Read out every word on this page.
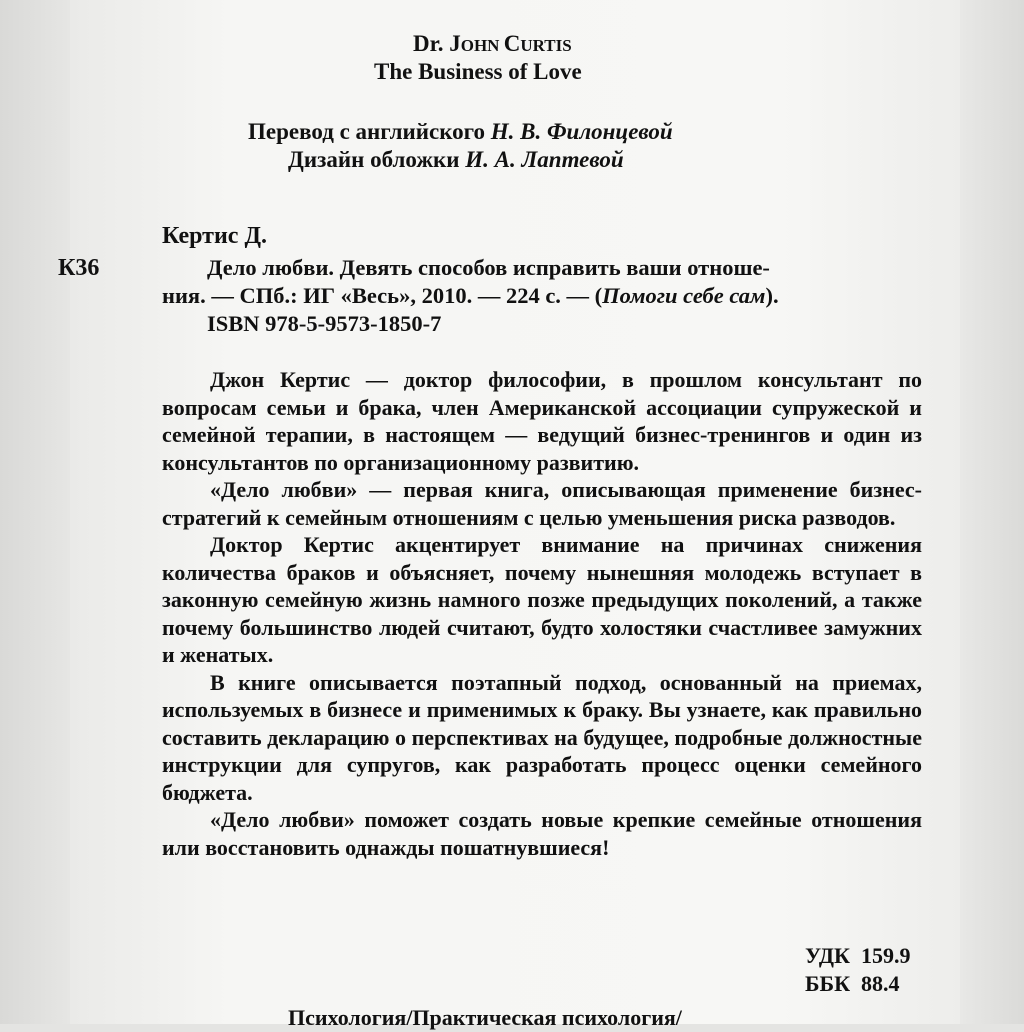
Dr. JOHN CURTIS
The Business of Love
Перевод с английского Н. В. Филонцевой
Дизайн обложки И. А. Лаптевой
Кертис Д.
К36	Дело любви. Девять способов исправить ваши отноше-
ния. — СПб.: ИГ «Весь», 2010. — 224 с. — (Помоги себе сам).
ISBN 978-5-9573-1850-7

Джон Кертис — доктор философии, в прошлом консультант по вопросам семьи и брака, член Американской ассоциации супружеской и семейной терапии, в настоящем — ведущий бизнес-тренингов и один из консультантов по организационному развитию.

«Дело любви» — первая книга, описывающая применение бизнес-стратегий к семейным отношениям с целью уменьшения риска разводов.

Доктор Кертис акцентирует внимание на причинах снижения количества браков и объясняет, почему нынешняя молодежь вступает в законную семейную жизнь намного позже предыдущих поколений, а также почему большинство людей считают, будто холостяки счастливее замужних и женатых.

В книге описывается поэтапный подход, основанный на приемах, используемых в бизнесе и применимых к браку. Вы узнаете, как правильно составить декларацию о перспективах на будущее, подробные должностные инструкции для супругов, как разработать процесс оценки семейного бюджета.

«Дело любви» поможет создать новые крепкие семейные отношения или восстановить однажды пошатнувшиеся!

УДК 159.9
ББК 88.4
Психология/Практическая психология/
